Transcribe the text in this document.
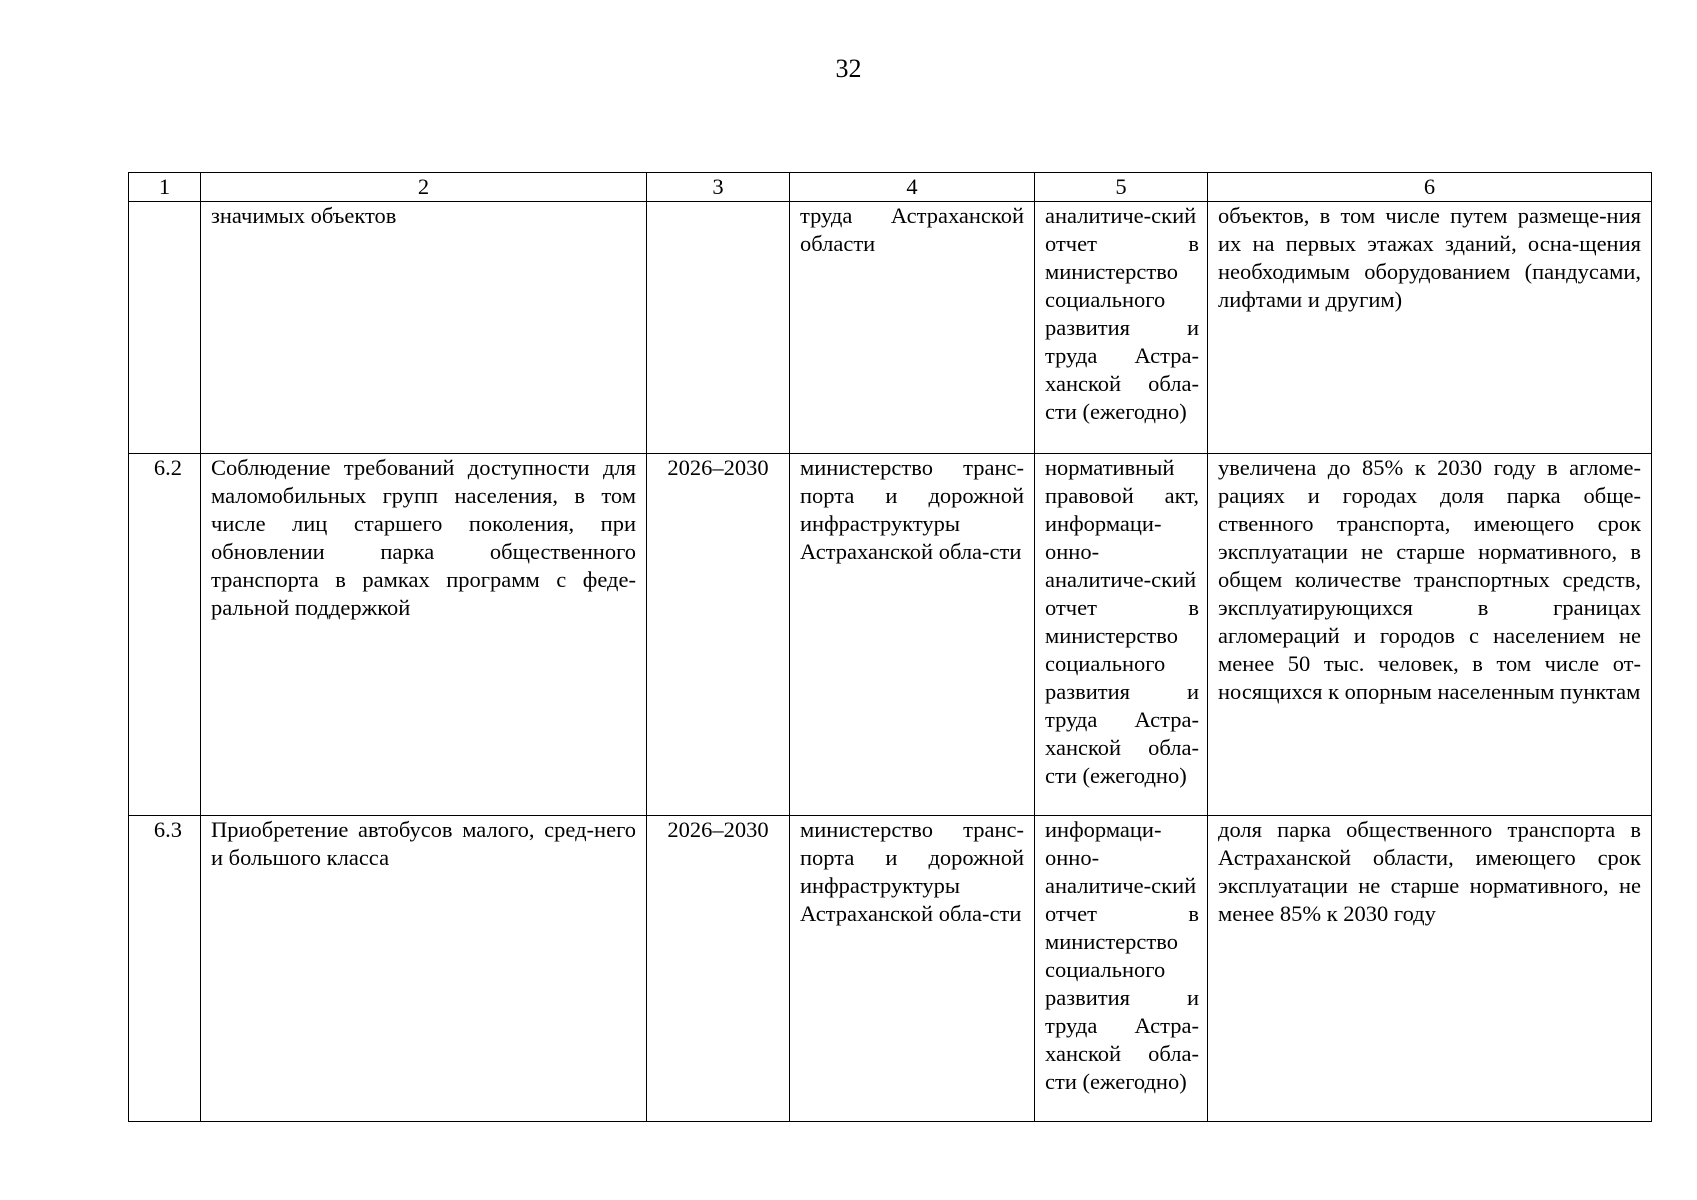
32
1	2	3	4	5	6
	значимых объектов		труда Астраханской области	аналитиче-ский отчет в министерство социального развития и труда Астра-ханской обла-сти (ежегодно)	объектов, в том числе путем размеще-ния их на первых этажах зданий, осна-щения необходимым оборудованием (пандусами, лифтами и другим)
6.2	Соблюдение требований доступности для маломобильных групп населения, в том числе лиц старшего поколения, при обновлении парка общественного транспорта в рамках программ с феде-ральной поддержкой	2026–2030	министерство транс-порта и дорожной инфраструктуры Астраханской обла-сти	нормативный правовой акт, информаци-онно-аналитиче-ский отчет в министерство социального развития и труда Астра-ханской обла-сти (ежегодно)	увеличена до 85% к 2030 году в агломе-рациях и городах доля парка обще-ственного транспорта, имеющего срок эксплуатации не старше нормативного, в общем количестве транспортных средств, эксплуатирующихся в границах агломераций и городов с населением не менее 50 тыс. человек, в том числе от-носящихся к опорным населенным пунктам
6.3	Приобретение автобусов малого, сред-него и большого класса	2026–2030	министерство транс-порта и дорожной инфраструктуры Астраханской обла-сти	информаци-онно-аналитиче-ский отчет в министерство социального развития и труда Астра-ханской обла-сти (ежегодно)	доля парка общественного транспорта в Астраханской области, имеющего срок эксплуатации не старше нормативного, не менее 85% к 2030 году
